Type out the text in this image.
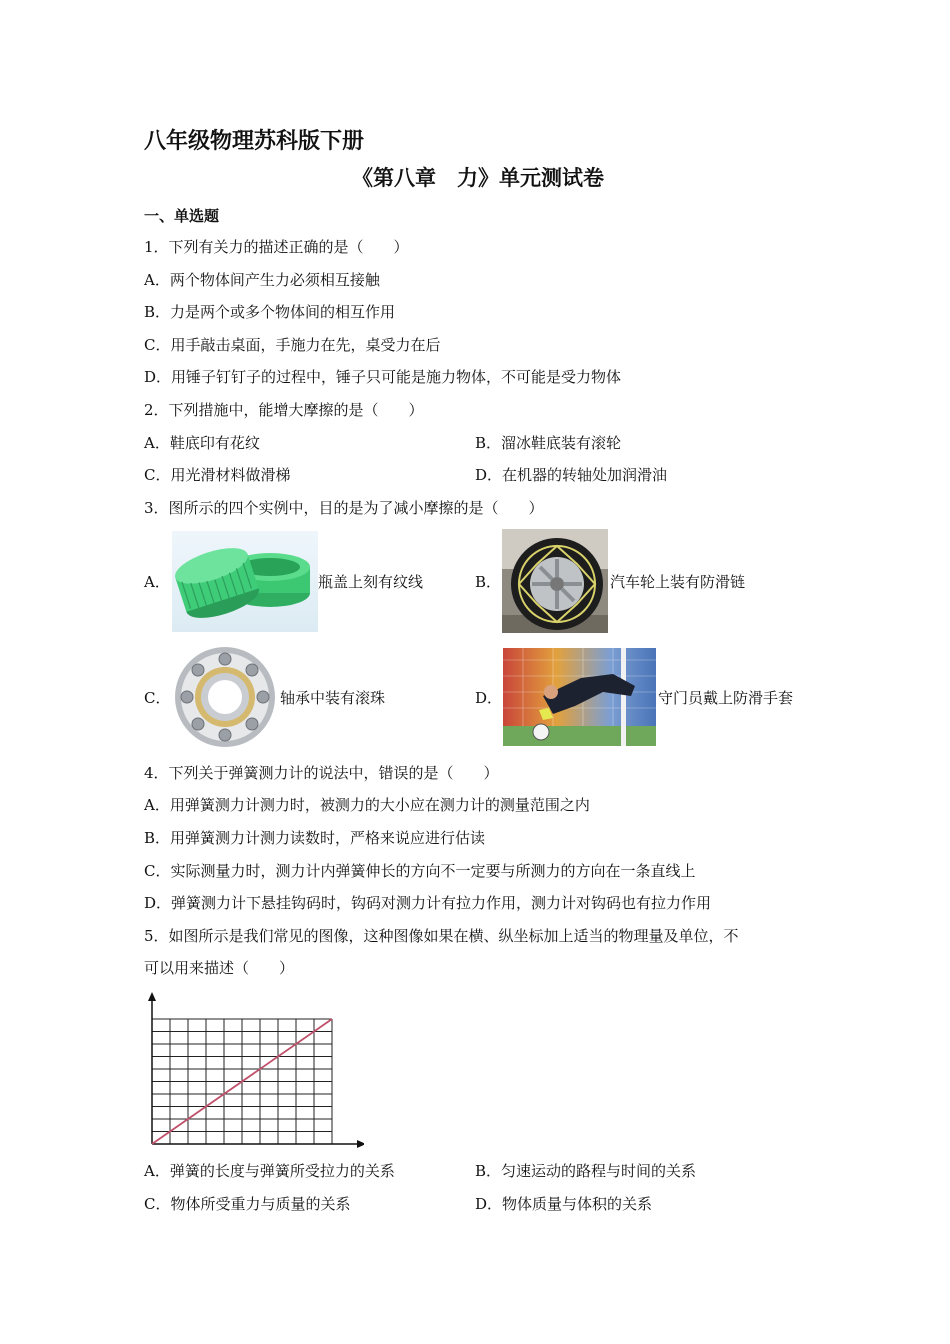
八年级物理苏科版下册
《第八章　力》单元测试卷
一、单选题
1．下列有关力的描述正确的是（　　）
A．两个物体间产生力必须相互接触
B．力是两个或多个物体间的相互作用
C．用手敲击桌面，手施力在先，桌受力在后
D．用锤子钉钉子的过程中，锤子只可能是施力物体，不可能是受力物体
2．下列措施中，能增大摩擦的是（　　）
A．鞋底印有花纹	B．溜冰鞋底装有滚轮
C．用光滑材料做滑梯	D．在机器的转轴处加润滑油
3．图所示的四个实例中，目的是为了减小摩擦的是（　　）
A．	瓶盖上刻有纹线	B．	汽车轮上装有防滑链
C．	轴承中装有滚珠	D．	守门员戴上防滑手套
4．下列关于弹簧测力计的说法中，错误的是（　　）
A．用弹簧测力计测力时，被测力的大小应在测力计的测量范围之内
B．用弹簧测力计测力读数时，严格来说应进行估读
C．实际测量力时，测力计内弹簧伸长的方向不一定要与所测力的方向在一条直线上
D．弹簧测力计下悬挂钩码时，钩码对测力计有拉力作用，测力计对钩码也有拉力作用
5．如图所示是我们常见的图像，这种图像如果在横、纵坐标加上适当的物理量及单位，不
可以用来描述（　　）
A．弹簧的长度与弹簧所受拉力的关系	B．匀速运动的路程与时间的关系
C．物体所受重力与质量的关系	D．物体质量与体积的关系
